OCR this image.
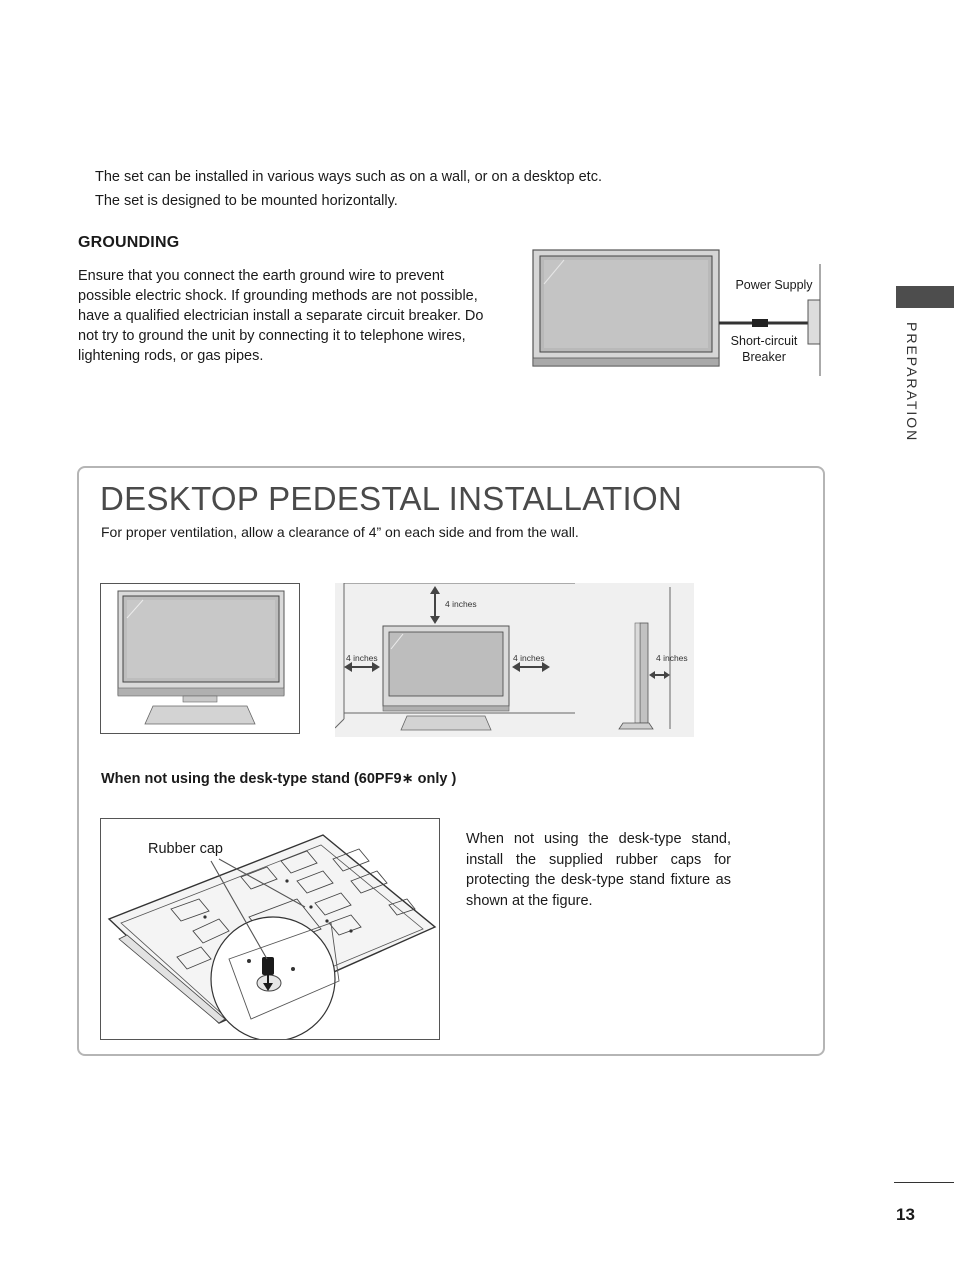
The set can be installed in various ways such as on a wall, or on a desktop etc.
The set is designed to be mounted horizontally.
GROUNDING
Ensure that you connect the earth ground wire to prevent possible electric shock. If grounding methods are not possible, have a qualified electrician install a separate circuit breaker. Do not try to ground the unit by connecting it to telephone wires, lightening rods, or gas pipes.
Power Supply
Short-circuit
Breaker	PREPARATION
DESKTOP PEDESTAL INSTALLATION
For proper ventilation, allow a clearance of 4” on each side and from the wall.
4 inches
4 inches	4 inches	4 inches
When not using the desk-type stand (60PF9∗ only )
Rubber cap
When not using the desk-type stand, install the supplied rubber caps for protecting the desk-type stand fixture as shown at the figure.
13
